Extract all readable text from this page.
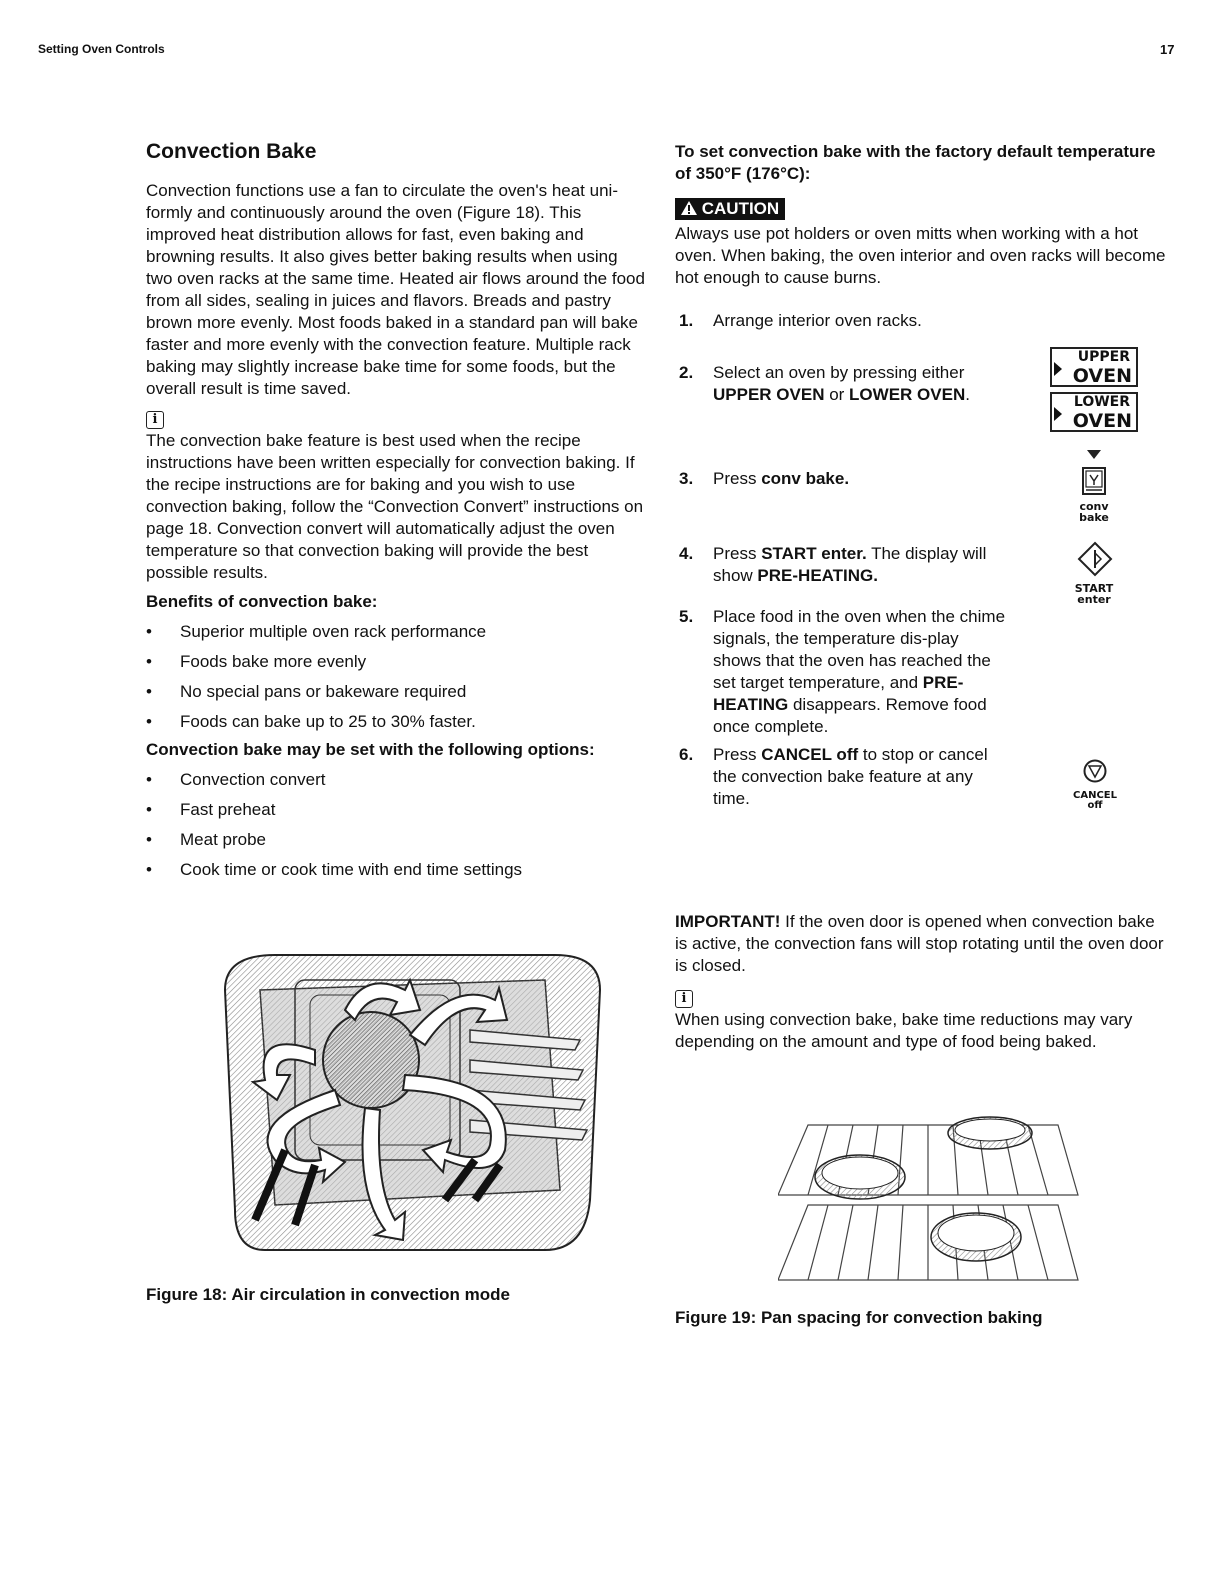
Setting Oven Controls	17
Convection Bake
Convection functions use a fan to circulate the oven's heat uni-formly and continuously around the oven (Figure 18). This improved heat distribution allows for fast, even baking and browning results. It also gives better baking results when using two oven racks at the same time. Heated air flows around the food from all sides, sealing in juices and flavors. Breads and pastry brown more evenly. Most foods baked in a standard pan will bake faster and more evenly with the convection feature. Multiple rack baking may slightly increase bake time for some foods, but the overall result is time saved.
i
The convection bake feature is best used when the recipe instructions have been written especially for convection baking. If the recipe instructions are for baking and you wish to use convection baking, follow the “Convection Convert” instructions on page 18. Convection convert will automatically adjust the oven temperature so that convection baking will provide the best possible results.
Benefits of convection bake:
• Superior multiple oven rack performance
• Foods bake more evenly
• No special pans or bakeware required
• Foods can bake up to 25 to 30% faster.
Convection bake may be set with the following options:
• Convection convert
• Fast preheat
• Meat probe
• Cook time or cook time with end time settings
Figure 18: Air circulation in convection mode
To set convection bake with the factory default temperature of 350°F (176°C):
CAUTION
Always use pot holders or oven mitts when working with a hot oven. When baking, the oven interior and oven racks will become hot enough to cause burns.
1. Arrange interior oven racks.
2. Select an oven by pressing either
UPPER OVEN or LOWER OVEN.
3. Press conv bake.
4. Press START enter. The display will show PRE-HEATING.
5. Place food in the oven when the chime signals, the temperature dis-play shows that the oven has reached the set target temperature, and PRE-HEATING disappears. Remove food once complete.
6. Press CANCEL off to stop or cancel the convection bake feature at any time.
UPPER
OVEN
LOWER
OVEN
conv
bake
START
enter
CANCEL
off
IMPORTANT! If the oven door is opened when convection bake is active, the convection fans will stop rotating until the oven door is closed.
i
When using convection bake, bake time reductions may vary depending on the amount and type of food being baked.
Figure 19: Pan spacing for convection baking
